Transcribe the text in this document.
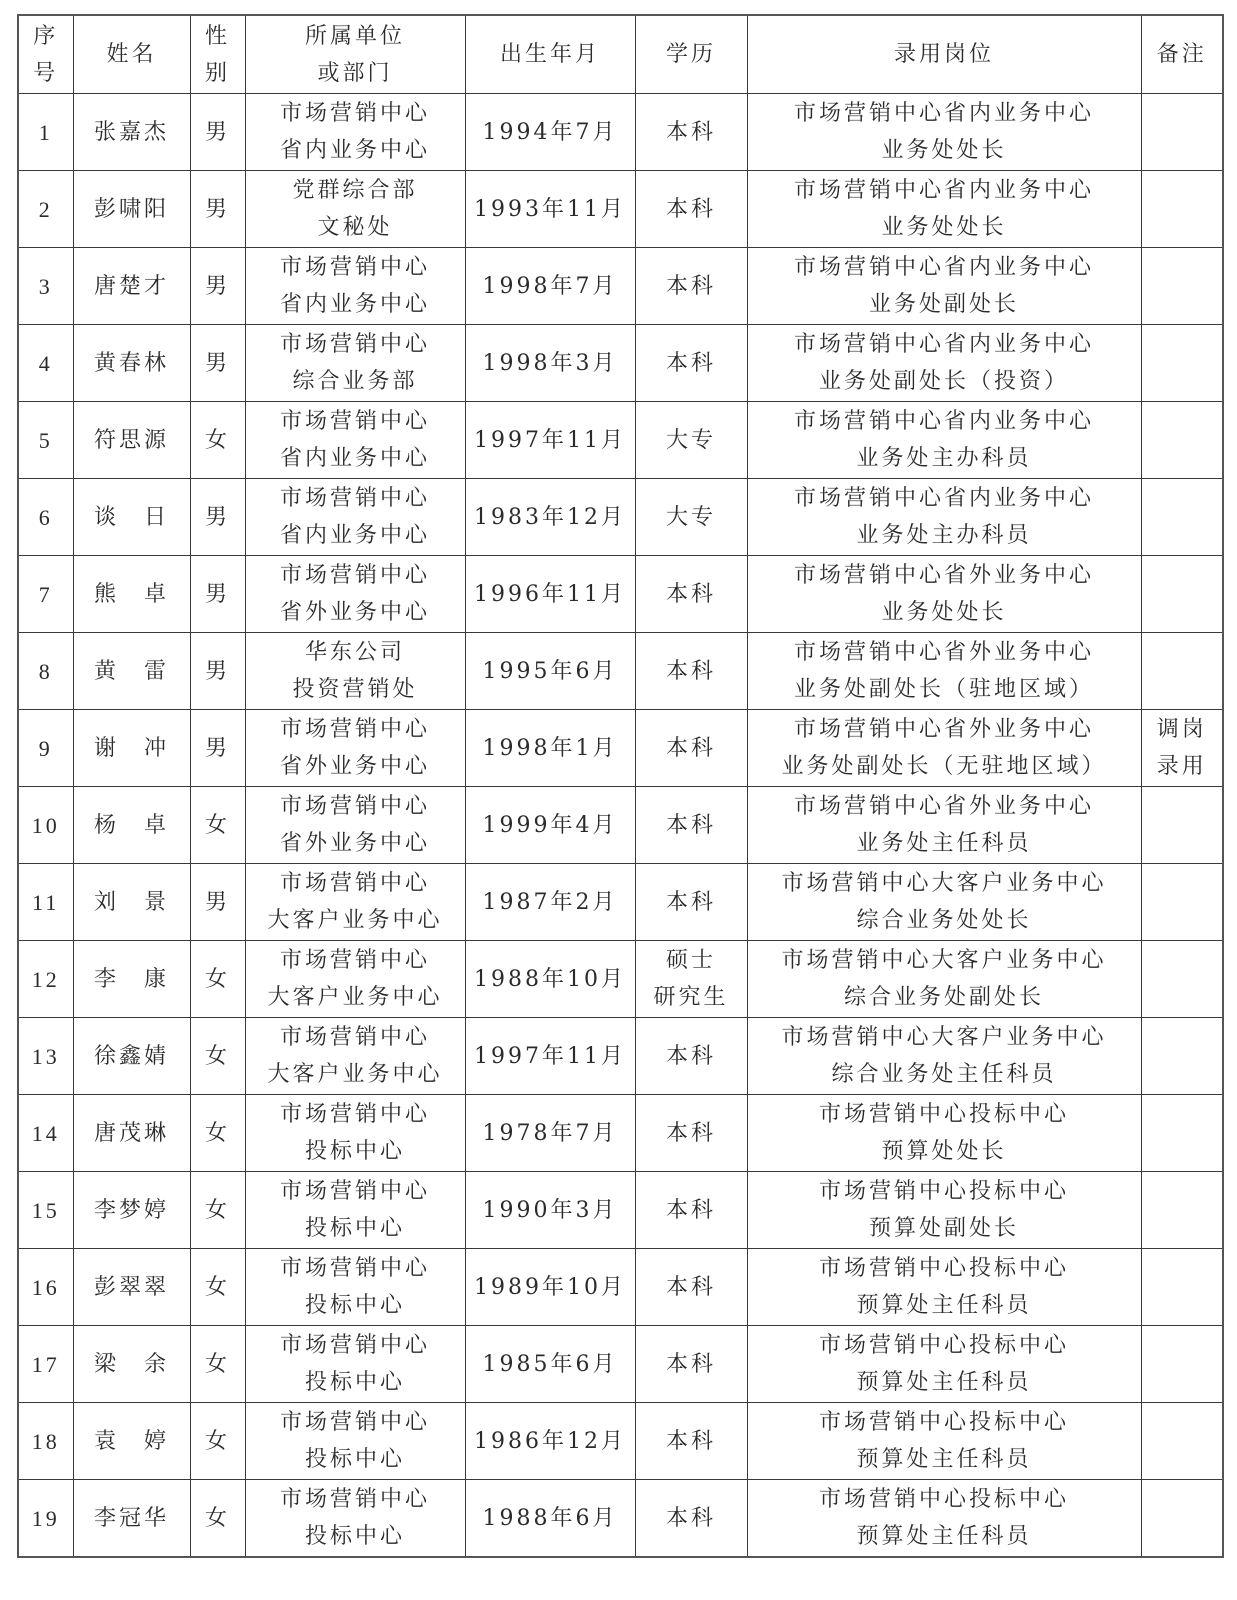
序
号	姓名	性
别	所属单位
或部门	出生年月	学历	录用岗位	备注

1	张嘉杰	男	市场营销中心
省内业务中心	1994年7月	本科	市场营销中心省内业务中心
业务处处长	

2	彭啸阳	男	党群综合部
文秘处	1993年11月	本科	市场营销中心省内业务中心
业务处处长	

3	唐楚才	男	市场营销中心
省内业务中心	1998年7月	本科	市场营销中心省内业务中心
业务处副处长	

4	黄春林	男	市场营销中心
综合业务部	1998年3月	本科	市场营销中心省内业务中心
业务处副处长（投资）	

5	符思源	女	市场营销中心
省内业务中心	1997年11月	大专	市场营销中心省内业务中心
业务处主办科员	

6	谈　日	男	市场营销中心
省内业务中心	1983年12月	大专	市场营销中心省内业务中心
业务处主办科员	

7	熊　卓	男	市场营销中心
省外业务中心	1996年11月	本科	市场营销中心省外业务中心
业务处处长	

8	黄　雷	男	华东公司
投资营销处	1995年6月	本科	市场营销中心省外业务中心
业务处副处长（驻地区域）	

9	谢　冲	男	市场营销中心
省外业务中心	1998年1月	本科	市场营销中心省外业务中心
业务处副处长（无驻地区域）	调岗
录用

10	杨　卓	女	市场营销中心
省外业务中心	1999年4月	本科	市场营销中心省外业务中心
业务处主任科员	

11	刘　景	男	市场营销中心
大客户业务中心	1987年2月	本科	市场营销中心大客户业务中心
综合业务处处长	

12	李　康	女	市场营销中心
大客户业务中心	1988年10月	硕士
研究生	市场营销中心大客户业务中心
综合业务处副处长	

13	徐鑫婧	女	市场营销中心
大客户业务中心	1997年11月	本科	市场营销中心大客户业务中心
综合业务处主任科员	

14	唐茂琳	女	市场营销中心
投标中心	1978年7月	本科	市场营销中心投标中心
预算处处长	

15	李梦婷	女	市场营销中心
投标中心	1990年3月	本科	市场营销中心投标中心
预算处副处长	

16	彭翠翠	女	市场营销中心
投标中心	1989年10月	本科	市场营销中心投标中心
预算处主任科员	

17	梁　余	女	市场营销中心
投标中心	1985年6月	本科	市场营销中心投标中心
预算处主任科员	

18	袁　婷	女	市场营销中心
投标中心	1986年12月	本科	市场营销中心投标中心
预算处主任科员	

19	李冠华	女	市场营销中心
投标中心	1988年6月	本科	市场营销中心投标中心
预算处主任科员	
